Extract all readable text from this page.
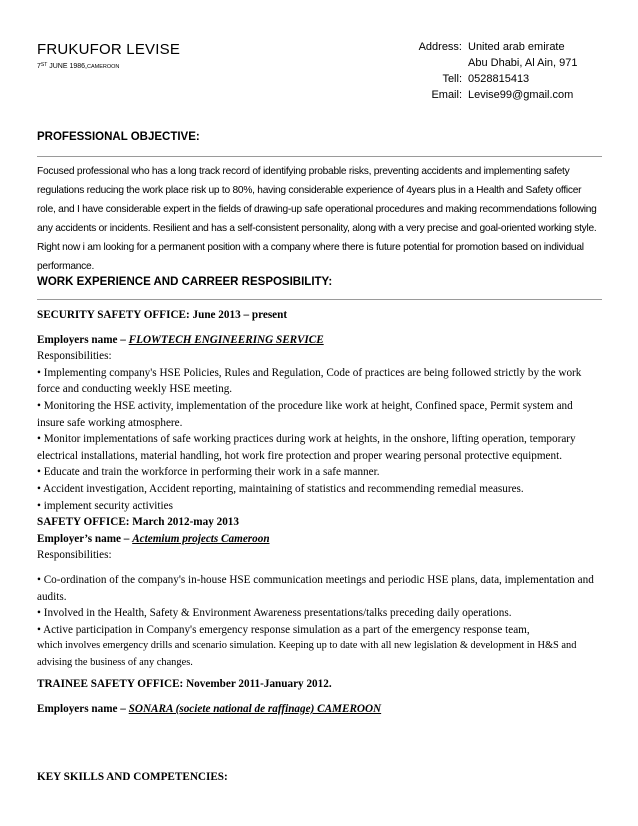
FRUKUFOR LEVISE
7ST JUNE 1986,CAMEROON
Address: United arab emirate
Abu Dhabi, Al Ain, 971
Tell: 0528815413
Email: Levise99@gmail.com
PROFESSIONAL OBJECTIVE:
Focused professional who has a long track record of identifying probable risks, preventing accidents and implementing safety regulations reducing the work place risk up to 80%, having considerable experience of 4years plus in a Health and Safety officer role, and I have considerable expert in the fields of drawing-up safe operational procedures and making recommendations following any accidents or incidents. Resilient and has a self-consistent personality, along with a very precise and goal-oriented working style. Right now i am looking for a permanent position with a company where there is future potential for promotion based on individual performance.
WORK EXPERIENCE AND CARREER RESPOSIBILITY:

SECURITY SAFETY OFFICE: June 2013 – present

Employers name – FLOWTECH ENGINEERING SERVICE

Responsibilities:

• Implementing company's HSE Policies, Rules and Regulation, Code of practices are being followed strictly by the work force and conducting weekly HSE meeting.

• Monitoring the HSE activity, implementation of the procedure like work at height, Confined space, Permit system and insure safe working atmosphere.

• Monitor implementations of safe working practices during work at heights, in the onshore, lifting operation, temporary electrical installations, material handling, hot work fire protection and proper wearing personal protective equipment.

• Educate and train the workforce in performing their work in a safe manner.

• Accident investigation, Accident reporting, maintaining of statistics and recommending remedial measures.

• implement security activities

SAFETY OFFICE: March 2012-may 2013

Employer’s name – Actemium projects Cameroon

Responsibilities:

• Co-ordination of the company's in-house HSE communication meetings and periodic HSE plans, data, implementation and audits.

• Involved in the Health, Safety & Environment Awareness presentations/talks preceding daily operations.

• Active participation in Company's emergency response simulation as a part of the emergency response team,

which involves emergency drills and scenario simulation. Keeping up to date with all new legislation & development in H&S and advising the business of any changes.

TRAINEE SAFETY OFFICE: November 2011-January 2012.

Employers name – SONARA (societe national de raffinage) CAMEROON

KEY SKILLS AND COMPETENCIES:
